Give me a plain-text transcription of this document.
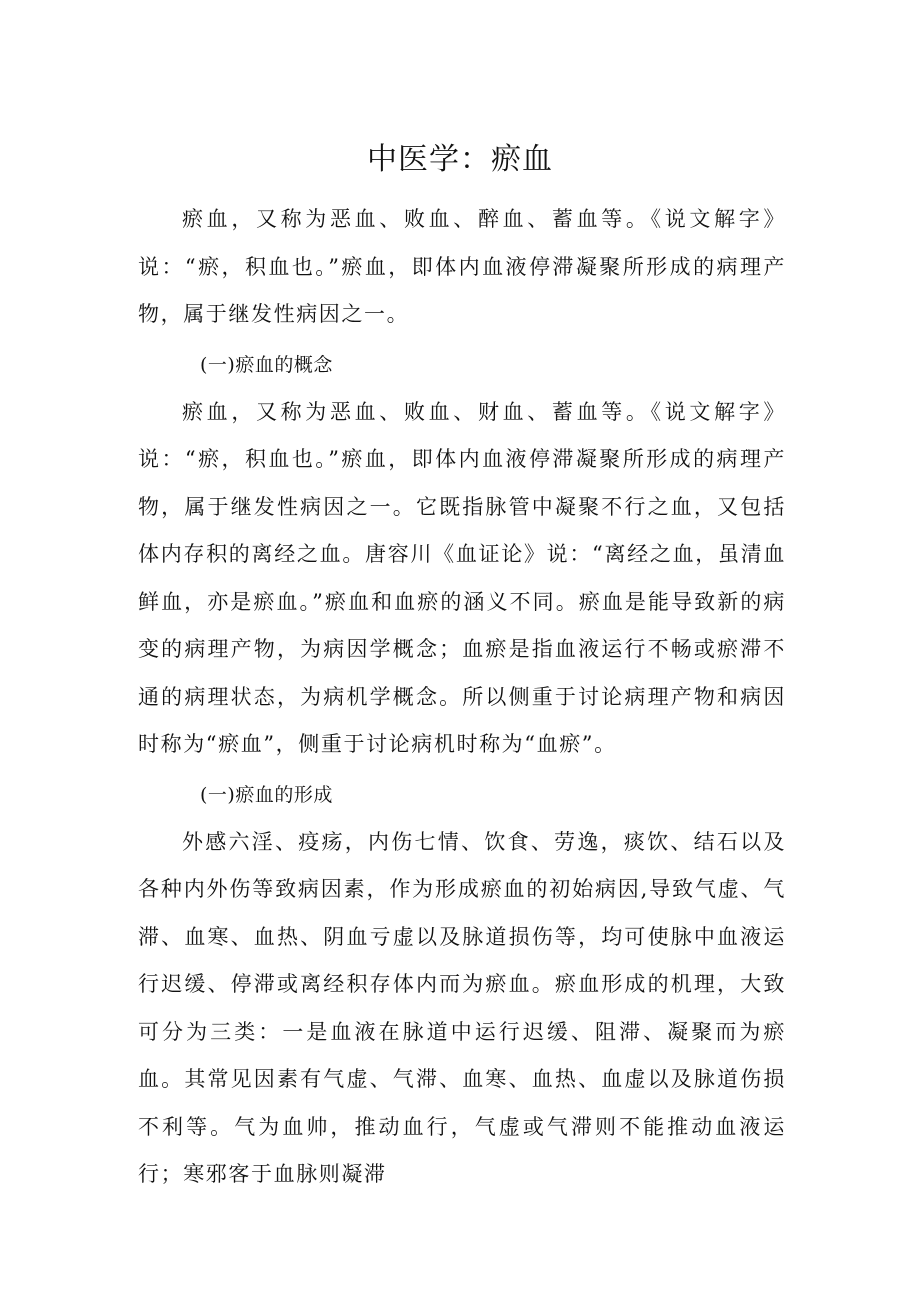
中医学：瘀血

瘀血，又称为恶血、败血、醉血、蓄血等。《说文解字》说：“瘀，积血也。”瘀血，即体内血液停滞凝聚所形成的病理产物，属于继发性病因之一。

(一)瘀血的概念

瘀血，又称为恶血、败血、财血、蓄血等。《说文解字》说：“瘀，积血也。”瘀血，即体内血液停滞凝聚所形成的病理产物，属于继发性病因之一。它既指脉管中凝聚不行之血，又包括体内存积的离经之血。唐容川《血证论》说：“离经之血，虽清血鲜血，亦是瘀血。”瘀血和血瘀的涵义不同。瘀血是能导致新的病变的病理产物，为病因学概念；血瘀是指血液运行不畅或瘀滞不通的病理状态，为病机学概念。所以侧重于讨论病理产物和病因时称为“瘀血”，侧重于讨论病机时称为“血瘀”。

(一)瘀血的形成

外感六淫、疫疡，内伤七情、饮食、劳逸，痰饮、结石以及各种内外伤等致病因素，作为形成瘀血的初始病因,导致气虚、气滞、血寒、血热、阴血亏虚以及脉道损伤等，均可使脉中血液运行迟缓、停滞或离经积存体内而为瘀血。瘀血形成的机理，大致可分为三类：一是血液在脉道中运行迟缓、阻滞、凝聚而为瘀血。其常见因素有气虚、气滞、血寒、血热、血虚以及脉道伤损不利等。气为血帅，推动血行，气虚或气滞则不能推动血液运行；寒邪客于血脉则凝滞
